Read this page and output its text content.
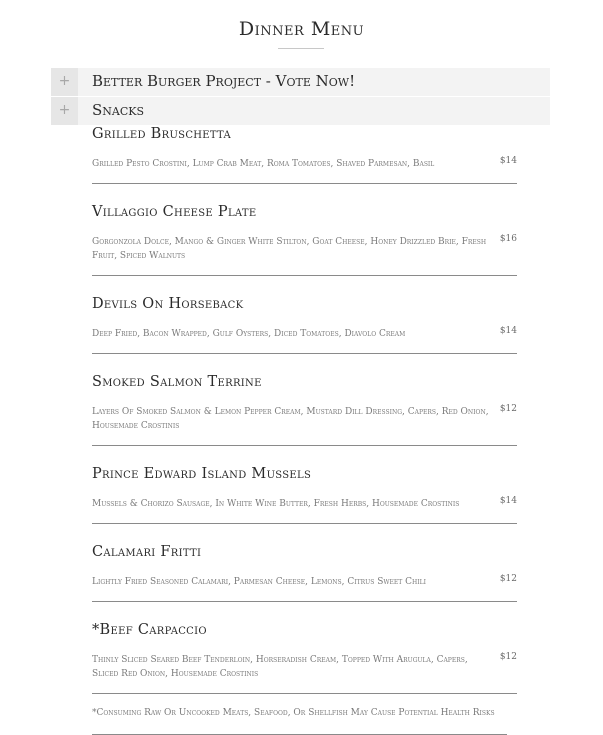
Dinner Menu
+	Better Burger Project - Vote Now!
+	Snacks
Grilled Bruschetta
Grilled Pesto Crostini, Lump Crab Meat, Roma Tomatoes, Shaved Parmesan, Basil	$14
Villaggio Cheese Plate
Gorgonzola Dolce, Mango & Ginger White Stilton, Goat Cheese, Honey Drizzled Brie, Fresh Fruit, Spiced Walnuts
$16
Devils On Horseback
Deep Fried, Bacon Wrapped, Gulf Oysters, Diced Tomatoes, Diavolo Cream	$14
Smoked Salmon Terrine
Layers Of Smoked Salmon & Lemon Pepper Cream, Mustard Dill Dressing, Capers, Red Onion, Housemade Crostinis
$12
Prince Edward Island Mussels
Mussels & Chorizo Sausage, In White Wine Butter, Fresh Herbs, Housemade Crostinis	$14
Calamari Fritti
Lightly Fried Seasoned Calamari, Parmesan Cheese, Lemons, Citrus Sweet Chili	$12
*Beef Carpaccio
Thinly Sliced Seared Beef Tenderloin, Horseradish Cream, Topped With Arugula, Capers, Sliced Red Onion, Housemade Crostinis
$12
*Consuming Raw Or Uncooked Meats, Seafood, Or Shellfish May Cause Potential Health Risks
